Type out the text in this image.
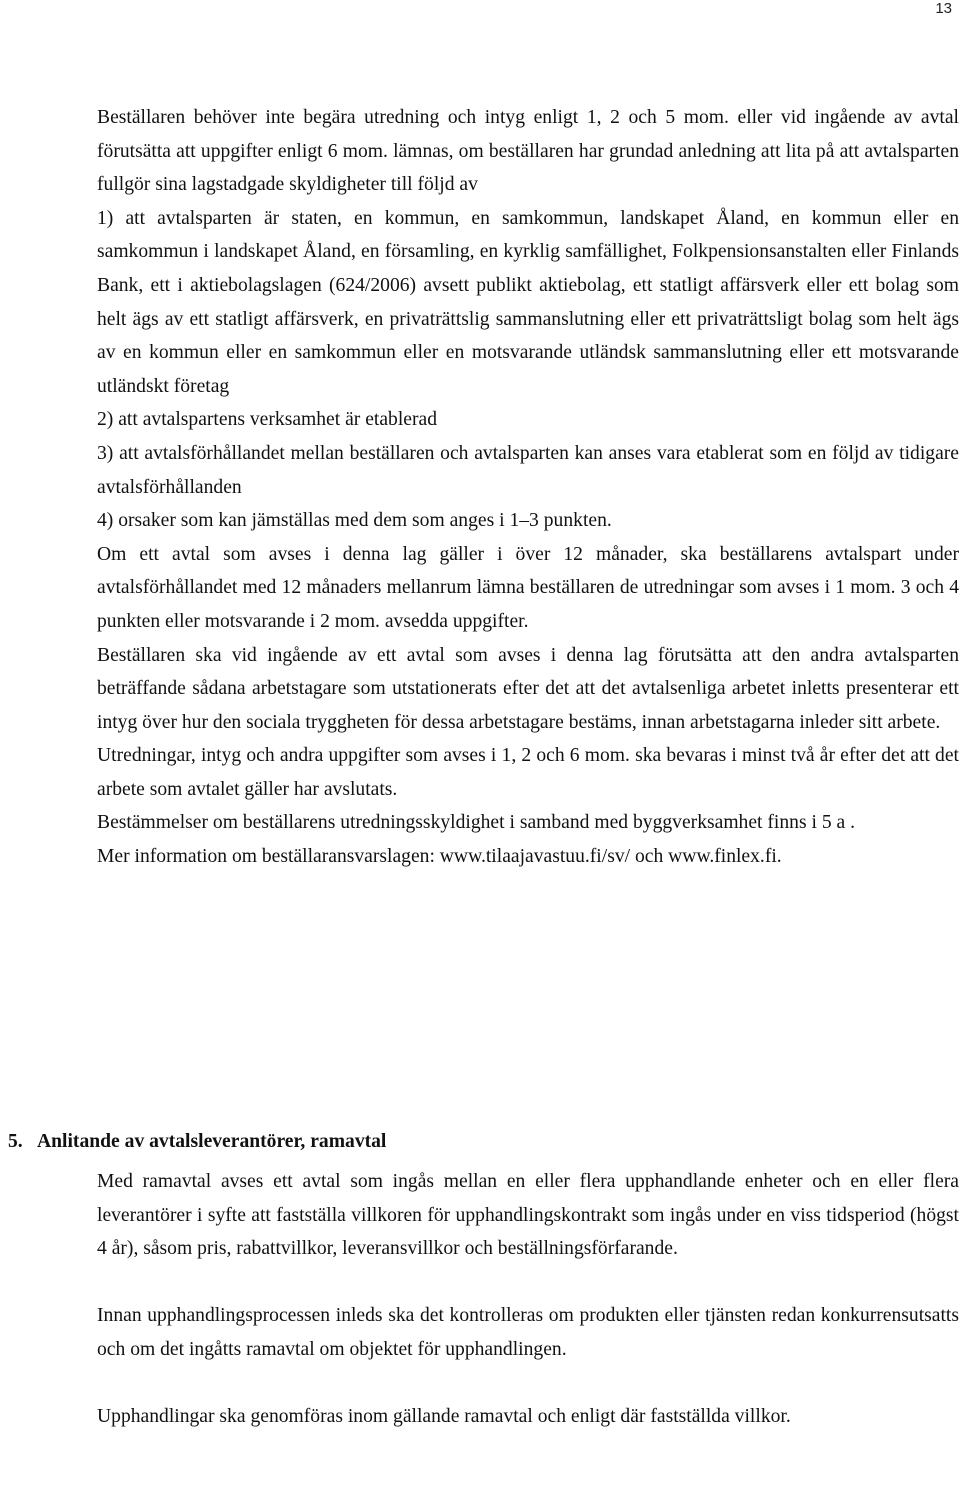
13

Beställaren behöver inte begära utredning och intyg enligt 1, 2 och 5 mom. eller vid ingående av avtal förutsätta att uppgifter enligt 6 mom. lämnas, om beställaren har grundad anledning att lita på att avtalsparten fullgör sina lagstadgade skyldigheter till följd av

1) att avtalsparten är staten, en kommun, en samkommun, landskapet Åland, en kommun eller en samkommun i landskapet Åland, en församling, en kyrklig samfällighet, Folkpensionsanstalten eller Finlands Bank, ett i aktiebolagslagen (624/2006) avsett publikt aktiebolag, ett statligt affärsverk eller ett bolag som helt ägs av ett statligt affärsverk, en privaträttslig sammanslutning eller ett privaträttsligt bolag som helt ägs av en kommun eller en samkommun eller en motsvarande utländsk sammanslutning eller ett motsvarande utländskt företag

2) att avtalspartens verksamhet är etablerad

3) att avtalsförhållandet mellan beställaren och avtalsparten kan anses vara etablerat som en följd av tidigare avtalsförhållanden

4) orsaker som kan jämställas med dem som anges i 1–3 punkten.

Om ett avtal som avses i denna lag gäller i över 12 månader, ska beställarens avtalspart under avtalsförhållandet med 12 månaders mellanrum lämna beställaren de utredningar som avses i 1 mom. 3 och 4 punkten eller motsvarande i 2 mom. avsedda uppgifter.

Beställaren ska vid ingående av ett avtal som avses i denna lag förutsätta att den andra avtalsparten beträffande sådana arbetstagare som utstationerats efter det att det avtalsenliga arbetet inletts presenterar ett intyg över hur den sociala tryggheten för dessa arbetstagare bestäms, innan arbetstagarna inleder sitt arbete.

Utredningar, intyg och andra uppgifter som avses i 1, 2 och 6 mom. ska bevaras i minst två år efter det att det arbete som avtalet gäller har avslutats.

Bestämmelser om beställarens utredningsskyldighet i samband med byggverksamhet finns i 5 a .

Mer information om beställaransvarslagen: www.tilaajavastuu.fi/sv/ och www.finlex.fi.

5. Anlitande av avtalsleverantörer, ramavtal

Med ramavtal avses ett avtal som ingås mellan en eller flera upphandlande enheter och en eller flera leverantörer i syfte att fastställa villkoren för upphandlingskontrakt som ingås under en viss tidsperiod (högst 4 år), såsom pris, rabattvillkor, leveransvillkor och beställningsförfarande.

Innan upphandlingsprocessen inleds ska det kontrolleras om produkten eller tjänsten redan konkurrensutsatts och om det ingåtts ramavtal om objektet för upphandlingen.

Upphandlingar ska genomföras inom gällande ramavtal och enligt där fastställda villkor.
